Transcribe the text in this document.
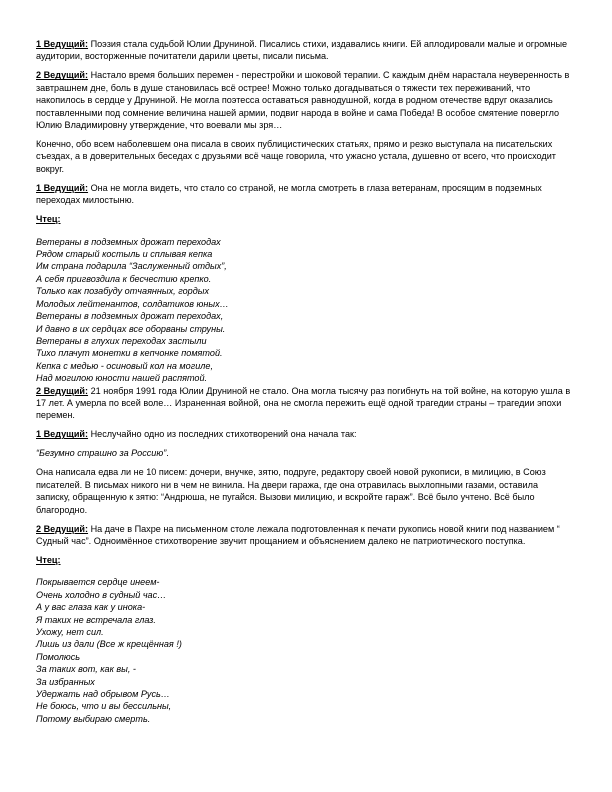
1 Ведущий: Поэзия стала судьбой Юлии Друниной. Писались стихи, издавались книги. Ей аплодировали малые и огромные аудитории, восторженные почитатели дарили цветы, писали письма.

2 Ведущий: Настало время больших перемен - перестройки и шоковой терапии. С каждым днём нарастала неуверенность в завтрашнем дне, боль в душе становилась всё острее! Можно только догадываться о тяжести тех переживаний, что накопилось в сердце у Друниной. Не могла поэтесса оставаться равнодушной, когда в родном отечестве вдруг оказались поставленными под сомнение величина нашей армии, подвиг народа в войне и сама Победа! В особое смятение повергло Юлию Владимировну утверждение, что воевали мы зря…

Конечно, обо всем наболевшем она писала в своих публицистических статьях, прямо и резко выступала на писательских съездах, а в доверительных беседах с друзьями всё чаще говорила, что ужасно устала, душевно от всего, что происходит вокруг.

1 Ведущий: Она не могла видеть, что стало со страной, не могла смотреть в глаза ветеранам, просящим в подземных переходах милостыню.

Чтец:

Ветераны в подземных дрожат переходах
Рядом старый костыль и сплывая кепка
Им страна подарила “Заслуженный отдых”,
А себя пригвоздила к бесчестию крепко.
Только как позабуду отчаянных, гордых
Молодых лейтенантов, солдатиков юных…
Ветераны в подземных дрожат переходах,
И давно в их сердцах все оборваны струны.
Ветераны в глухих переходах застыли
Тихо плачут монетки в кепчонке помятой.
Кепка с медью - осиновый кол на могиле,
Над могилою юности нашей распятой.

2 Ведущий: 21 ноября 1991 года Юлии Друниной не стало. Она могла тысячу раз погибнуть на той войне, на которую ушла в 17 лет. А умерла по всей воле… Израненная войной, она не смогла пережить ещё одной трагедии страны – трагедии эпохи перемен.

1 Ведущий: Неслучайно одно из последних стихотворений она начала так:

“Безумно страшно за Россию”.

Она написала едва ли не 10 писем: дочери, внучке, зятю, подруге, редактору своей новой рукописи, в милицию, в Союз писателей. В письмах никого ни в чем не винила. На двери гаража, где она отравилась выхлопными газами, оставила записку, обращенную к зятю: “Андрюша, не пугайся. Вызови милицию, и вскройте гараж”. Всё было учтено. Всё было благородно.

2 Ведущий: На даче в Пахре на письменном столе лежала подготовленная к печати рукопись новой книги под названием “ Судный час”. Одноимённое стихотворение звучит прощанием и объяснением далеко не патриотического поступка.

Чтец:

Покрывается сердце инеем-
Очень холодно в судный час…
А у вас глаза как у инока-
Я таких не встречала глаз.
Ухожу, нет сил.
Лишь из дали (Все ж крещённая !)
Помолюсь
За таких вот, как вы, -
За избранных
Удержать над обрывом Русь…
Не боюсь, что и вы бессильны,
Потому выбираю смерть.
